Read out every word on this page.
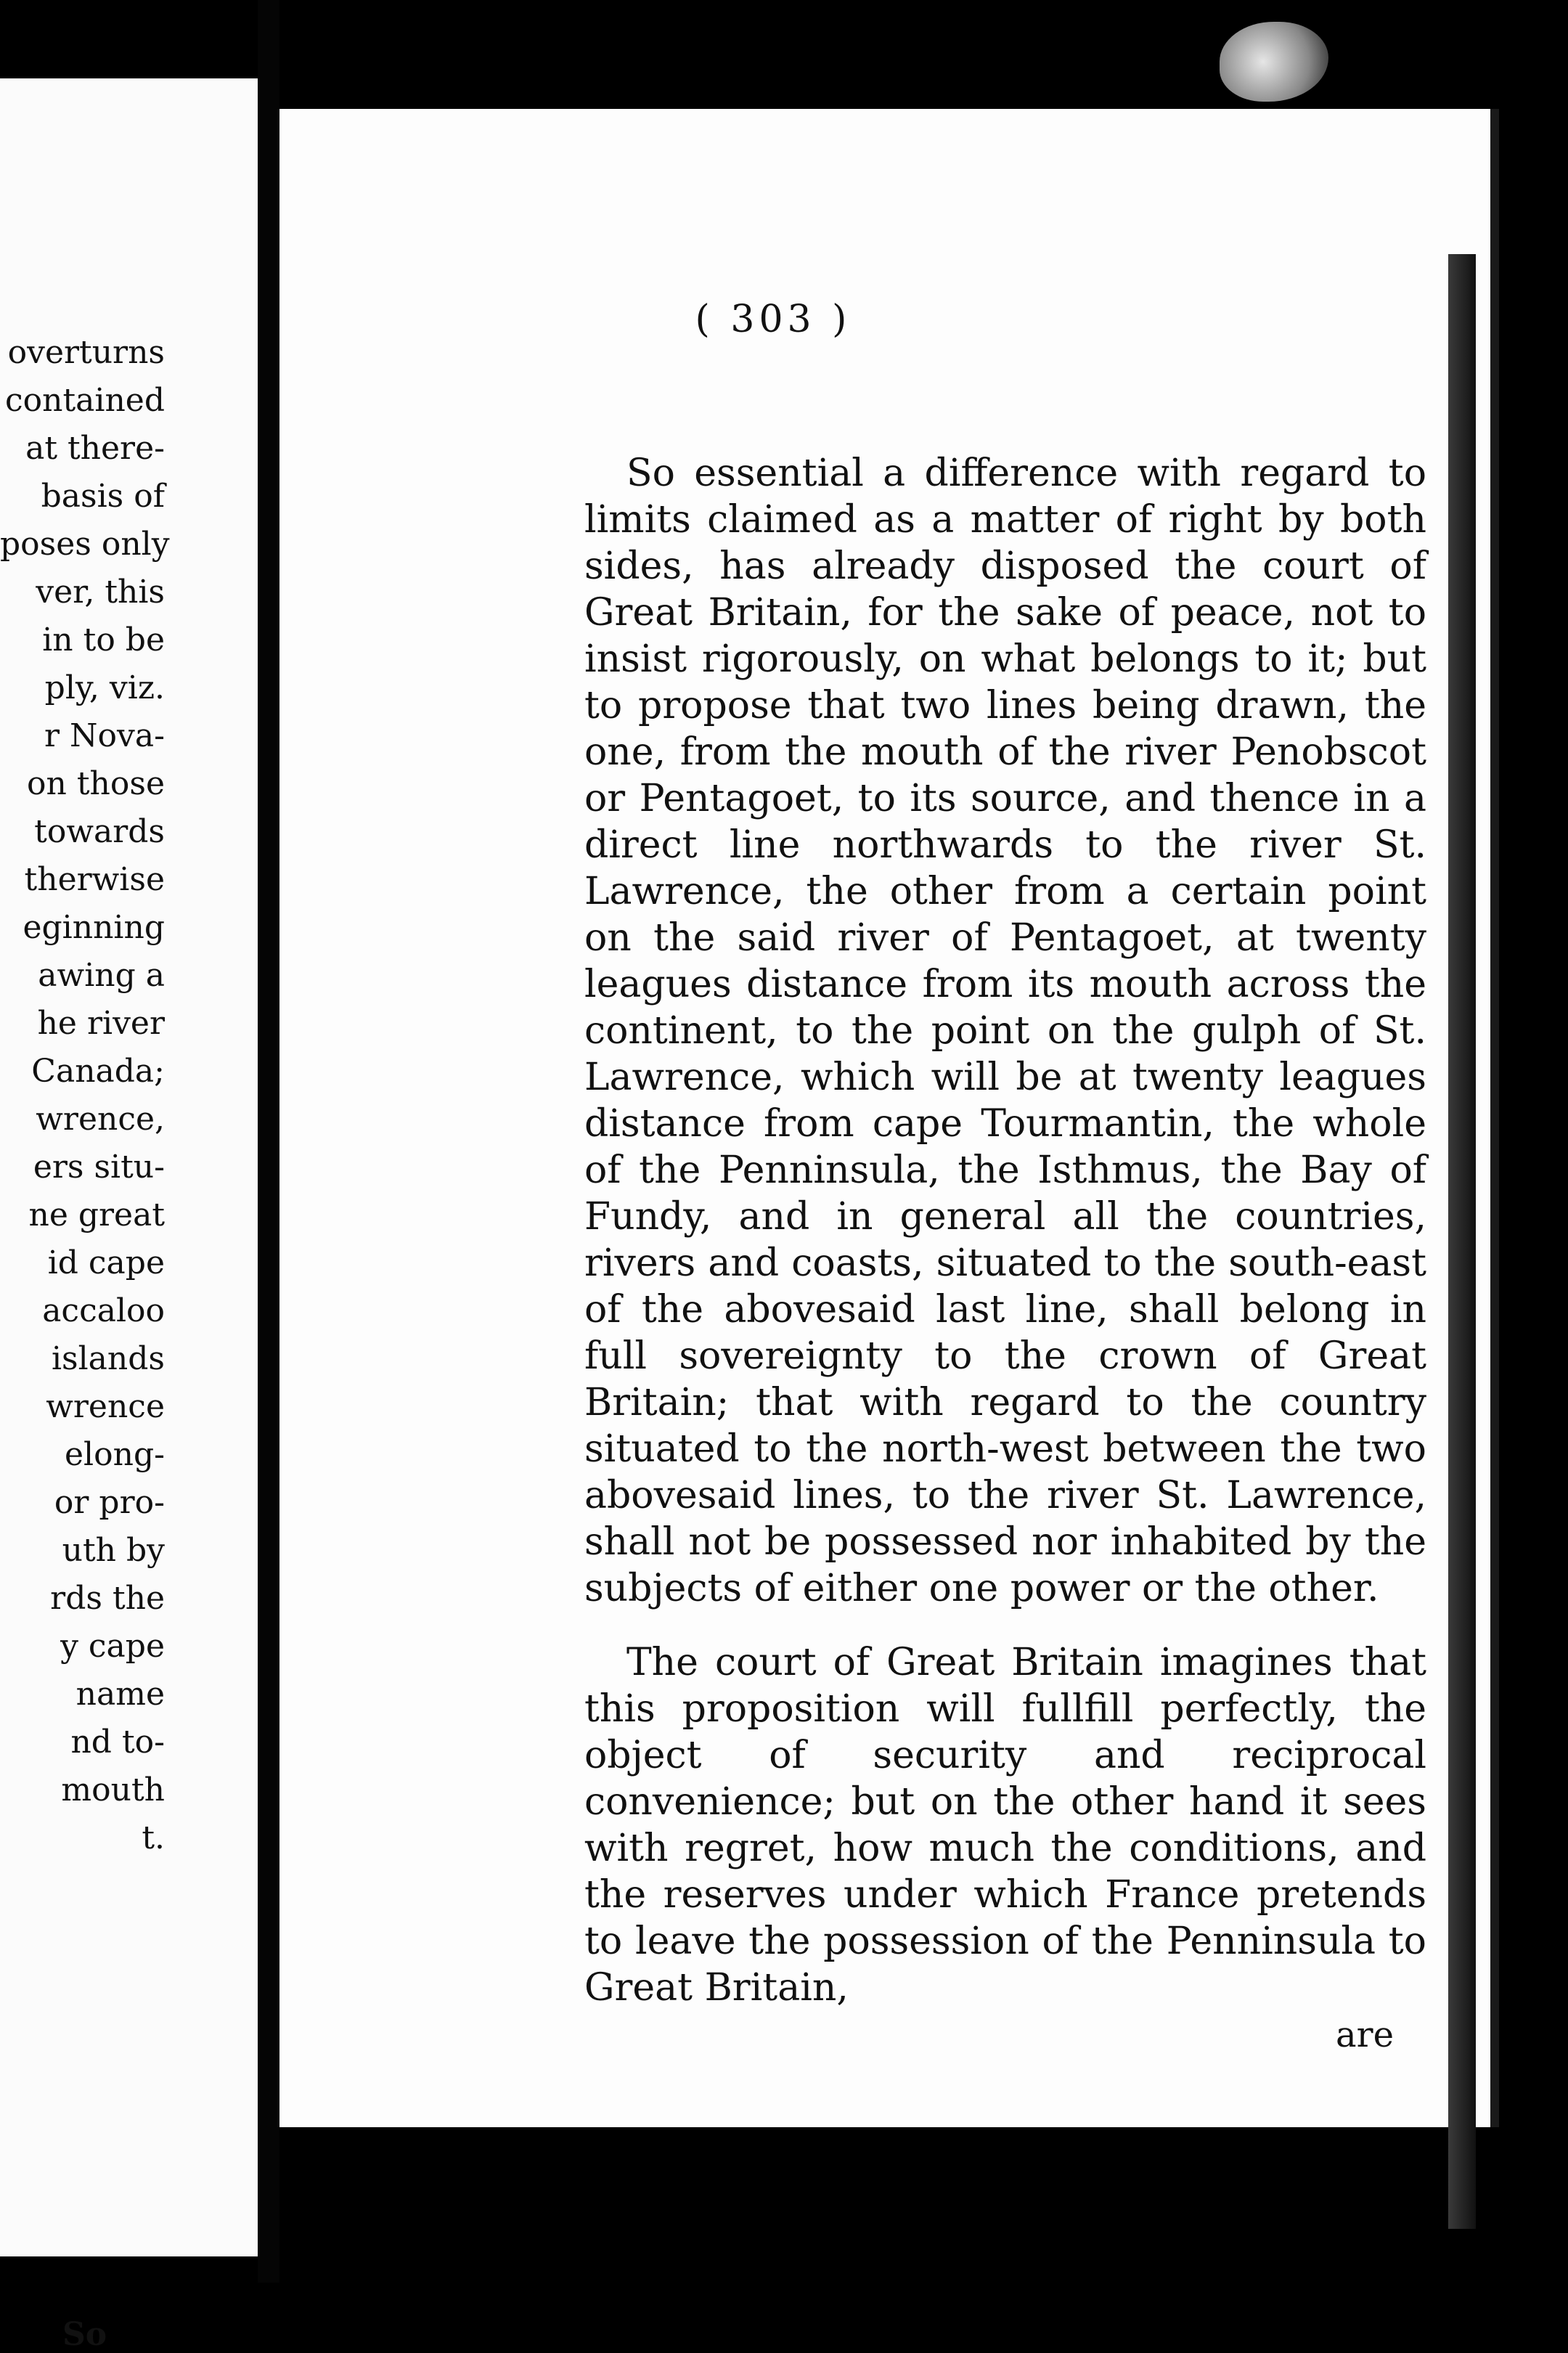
overturns
contained
at there-
basis of
poses only
ver, this
in to be
ply, viz.
r Nova-
on those
towards
therwise
eginning
awing a
he river
Canada;
wrence,
ers situ-
ne great
id cape
accaloo
islands
wrence
elong-
or pro-
uth by
rds the
y cape
name
nd to-
mouth
t.
So
( 303 )

So essential a difference with regard to limits claimed as a matter of right by both sides, has already disposed the court of Great Britain, for the sake of peace, not to insist rigorously, on what belongs to it; but to propose that two lines being drawn, the one, from the mouth of the river Penobscot or Pentagoet, to its source, and thence in a direct line northwards to the river St. Lawrence, the other from a certain point on the said river of Pentagoet, at twenty leagues distance from its mouth across the continent, to the point on the gulph of St. Lawrence, which will be at twenty leagues distance from cape Tourmantin, the whole of the Penninsula, the Isthmus, the Bay of Fundy, and in general all the countries, rivers and coasts, situated to the south-east of the abovesaid last line, shall belong in full sovereignty to the crown of Great Britain; that with regard to the country situated to the north-west between the two abovesaid lines, to the river St. Lawrence, shall not be possessed nor inhabited by the subjects of either one power or the other.

The court of Great Britain imagines that this proposition will fullfill perfectly, the object of security and reciprocal convenience; but on the other hand it sees with regret, how much the conditions, and the reserves under which France pretends to leave the possession of the Penninsula to Great Britain,

are
